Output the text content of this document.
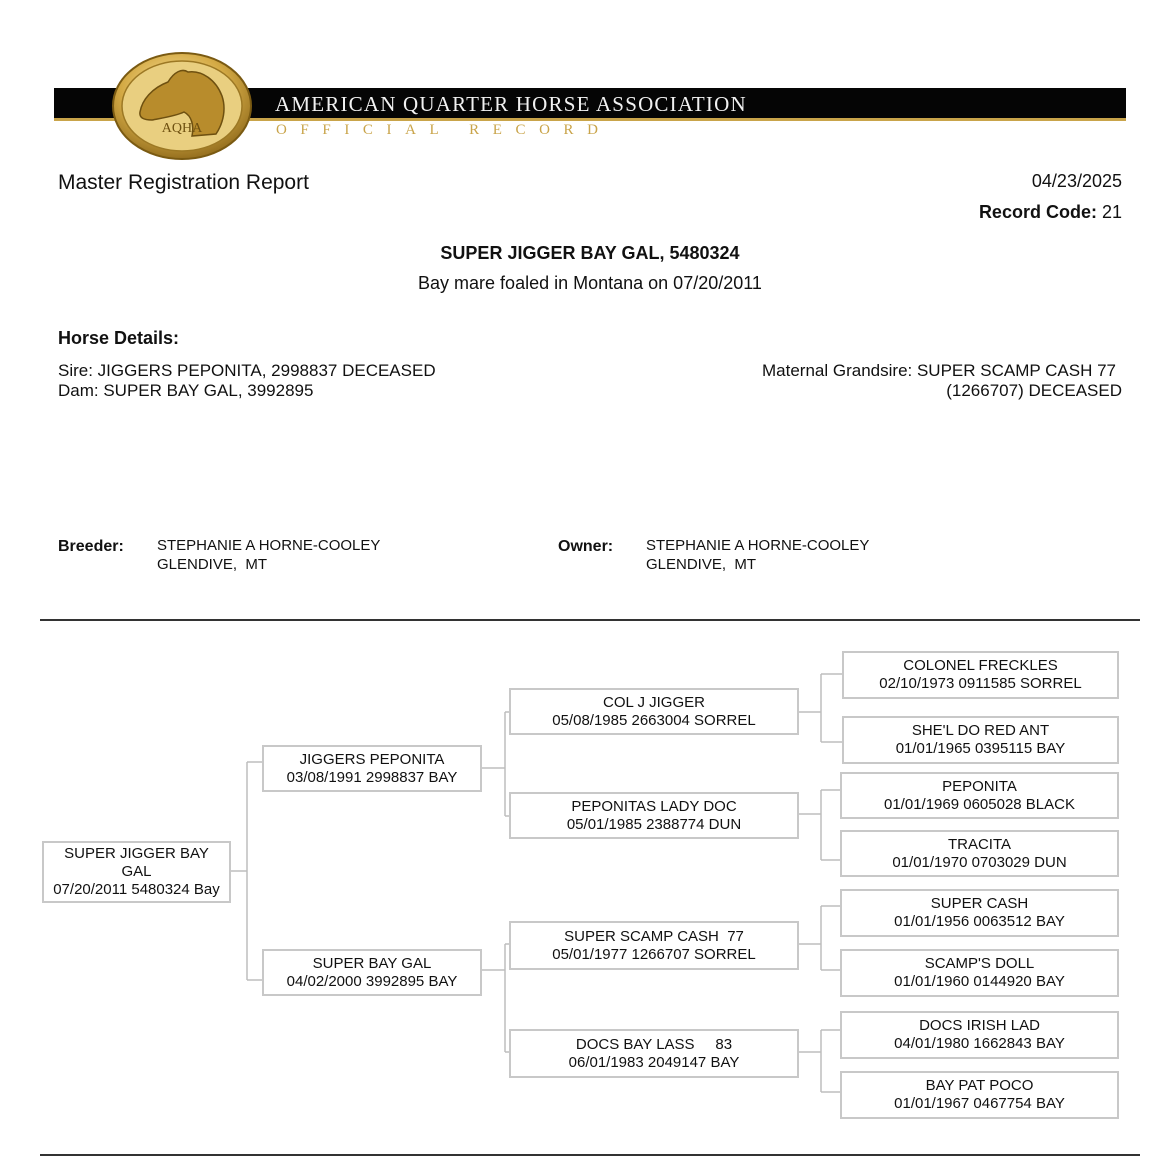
AQHA
AMERICAN QUARTER HORSE ASSOCIATION
OFFICIAL RECORD
Master Registration Report	04/23/2025
Record Code: 21
SUPER JIGGER BAY GAL, 5480324
Bay mare foaled in Montana on 07/20/2011
Horse Details:
Sire: JIGGERS PEPONITA, 2998837 DECEASED
Dam: SUPER BAY GAL, 3992895
Maternal Grandsire: SUPER SCAMP CASH 77
(1266707) DECEASED
Breeder: STEPHANIE A HORNE-COOLEY
GLENDIVE,  MT
Owner: STEPHANIE A HORNE-COOLEY
GLENDIVE,  MT
SUPER JIGGER BAY
GAL
07/20/2011 5480324 Bay
JIGGERS PEPONITA
03/08/1991 2998837 BAY
SUPER BAY GAL
04/02/2000 3992895 BAY
COL J JIGGER
05/08/1985 2663004 SORREL
PEPONITAS LADY DOC
05/01/1985 2388774 DUN
SUPER SCAMP CASH  77
05/01/1977 1266707 SORREL
DOCS BAY LASS     83
06/01/1983 2049147 BAY
COLONEL FRECKLES
02/10/1973 0911585 SORREL
SHE'L DO RED ANT
01/01/1965 0395115 BAY
PEPONITA
01/01/1969 0605028 BLACK
TRACITA
01/01/1970 0703029 DUN
SUPER CASH
01/01/1956 0063512 BAY
SCAMP'S DOLL
01/01/1960 0144920 BAY
DOCS IRISH LAD
04/01/1980 1662843 BAY
BAY PAT POCO
01/01/1967 0467754 BAY
